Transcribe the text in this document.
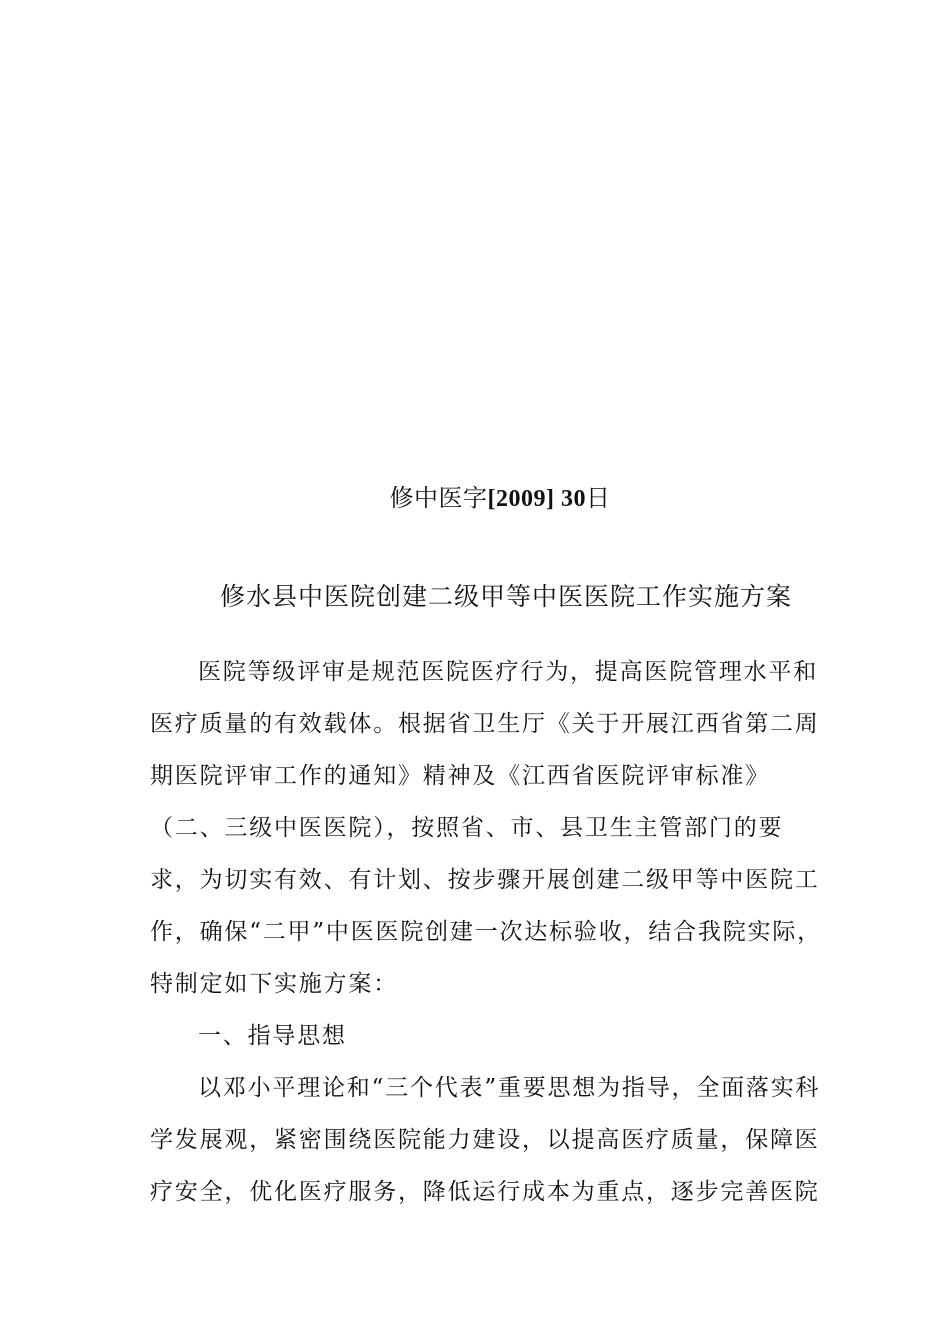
修中医字[2009] 30日
修水县中医院创建二级甲等中医医院工作实施方案
医院等级评审是规范医院医疗行为，提高医院管理水平和
医疗质量的有效载体。根据省卫生厅《关于开展江西省第二周
期医院评审工作的通知》精神及《江西省医院评审标准》
（二、三级中医医院），按照省、市、县卫生主管部门的要
求，为切实有效、有计划、按步骤开展创建二级甲等中医院工
作，确保“二甲”中医医院创建一次达标验收，结合我院实际，
特制定如下实施方案：
一、指导思想
以邓小平理论和“三个代表”重要思想为指导，全面落实科
学发展观，紧密围绕医院能力建设，以提高医疗质量，保障医
疗安全，优化医疗服务，降低运行成本为重点，逐步完善医院
